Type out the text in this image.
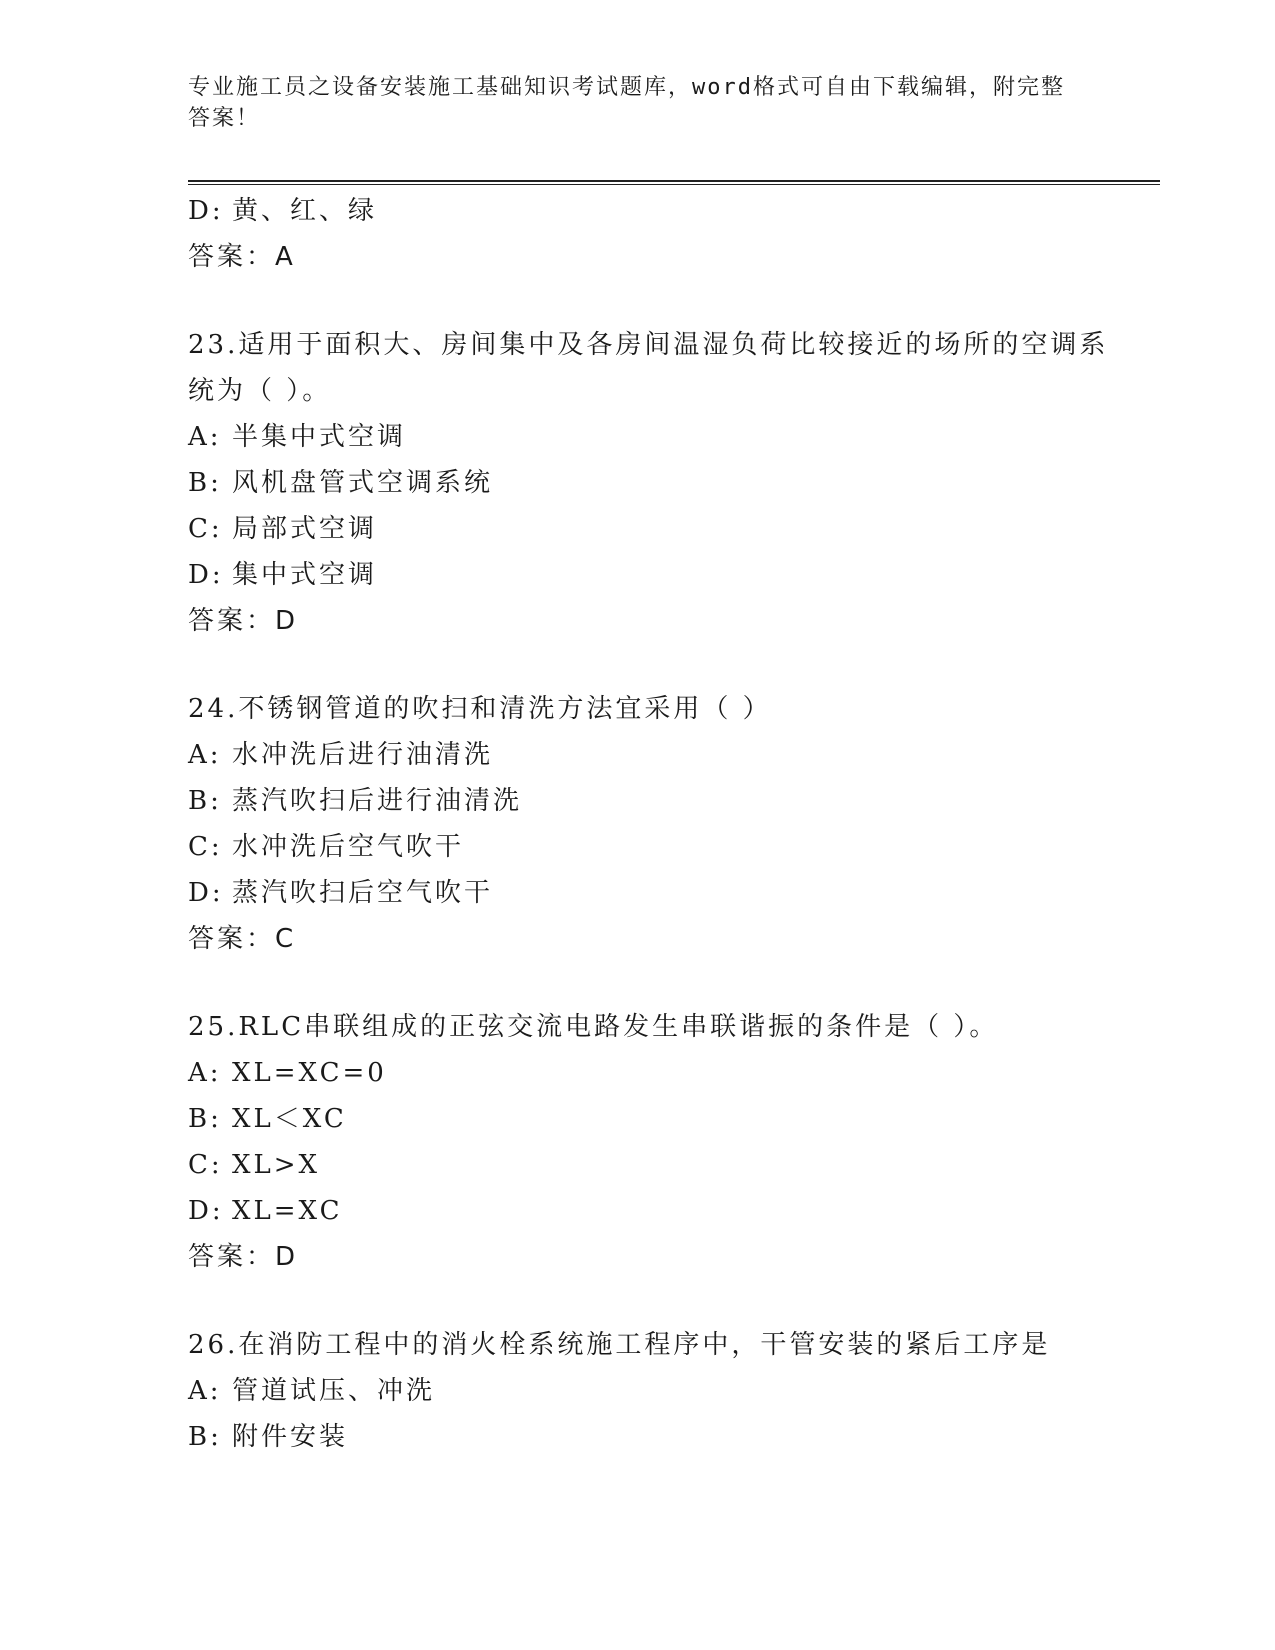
专业施工员之设备安装施工基础知识考试题库，word格式可自由下载编辑，附完整答案！
D: 黄、红、绿
答案：A
23.适用于面积大、房间集中及各房间温湿负荷比较接近的场所的空调系统为（ ）。
A: 半集中式空调
B: 风机盘管式空调系统
C: 局部式空调
D: 集中式空调
答案：D
24.不锈钢管道的吹扫和清洗方法宜采用（ ）
A: 水冲洗后进行油清洗
B: 蒸汽吹扫后进行油清洗
C: 水冲洗后空气吹干
D: 蒸汽吹扫后空气吹干
答案：C
25.RLC串联组成的正弦交流电路发生串联谐振的条件是（ ）。
A: XL=XC=0
B: XL＜XC
C: XL>X
D: XL=XC
答案：D
26.在消防工程中的消火栓系统施工程序中，干管安装的紧后工序是
A: 管道试压、冲洗
B: 附件安装
